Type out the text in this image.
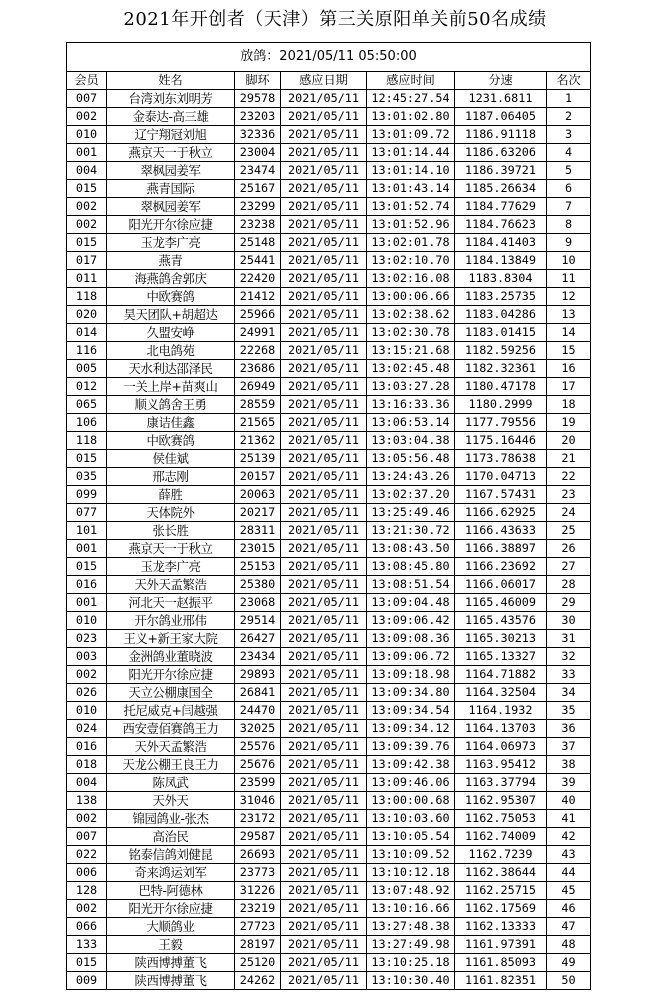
2021年开创者（天津）第三关原阳单关前50名成绩
放鸽：2021/05/11 05:50:00						
会员	姓名	脚环	感应日期	感应时间	分速	名次
007	台湾刘东刘明芳	29578	2021/05/11	12:45:27.54	1231.6811	1
002	金泰达-高三雄	23203	2021/05/11	13:01:02.80	1187.06405	2
010	辽宁翔冠刘旭	32336	2021/05/11	13:01:09.72	1186.91118	3
001	燕京天一于秋立	23004	2021/05/11	13:01:14.44	1186.63206	4
004	翠枫园姜军	23474	2021/05/11	13:01:14.10	1186.39721	5
015	燕青国际	25167	2021/05/11	13:01:43.14	1185.26634	6
002	翠枫园姜军	23299	2021/05/11	13:01:52.74	1184.77629	7
002	阳光开尔徐应捷	23238	2021/05/11	13:01:52.96	1184.76623	8
015	玉龙李广亮	25148	2021/05/11	13:02:01.78	1184.41403	9
017	燕青	25441	2021/05/11	13:02:10.70	1184.13849	10
011	海燕鸽舍郭庆	22420	2021/05/11	13:02:16.08	1183.8304	11
118	中欧赛鸽	21412	2021/05/11	13:00:06.66	1183.25735	12
020	昊天团队+胡超达	25966	2021/05/11	13:02:38.62	1183.04286	13
014	久盟安峥	24991	2021/05/11	13:02:30.78	1183.01415	14
116	北电鸽苑	22268	2021/05/11	13:15:21.68	1182.59256	15
005	天水利达邵泽民	23686	2021/05/11	13:02:45.48	1182.32361	16
012	一关上岸+苗爽山	26949	2021/05/11	13:03:27.28	1180.47178	17
065	顺义鸽舍王勇	28559	2021/05/11	13:16:33.36	1180.2999	18
106	康诘佳鑫	21565	2021/05/11	13:06:53.14	1177.79556	19
118	中欧赛鸽	21362	2021/05/11	13:03:04.38	1175.16446	20
015	侯佳斌	25139	2021/05/11	13:05:56.48	1173.78638	21
035	邢志刚	20157	2021/05/11	13:24:43.26	1170.04713	22
099	薛胜	20063	2021/05/11	13:02:37.20	1167.57431	23
077	天体院外	20217	2021/05/11	13:25:49.46	1166.62925	24
101	张长胜	28311	2021/05/11	13:21:30.72	1166.43633	25
001	燕京天一于秋立	23015	2021/05/11	13:08:43.50	1166.38897	26
015	玉龙李广亮	25153	2021/05/11	13:08:45.80	1166.23692	27
016	天外天孟繁浩	25380	2021/05/11	13:08:51.54	1166.06017	28
001	河北天一赵振平	23068	2021/05/11	13:09:04.48	1165.46009	29
010	开尔鸽业邢伟	29514	2021/05/11	13:09:06.42	1165.43576	30
023	王义+新王家大院	26427	2021/05/11	13:09:08.36	1165.30213	31
003	金洲鸽业董晓波	23434	2021/05/11	13:09:06.72	1165.13327	32
002	阳光开尔徐应捷	29893	2021/05/11	13:09:18.98	1164.71882	33
026	天立公棚康国全	26841	2021/05/11	13:09:34.80	1164.32504	34
010	托尼威克+闫越强	24470	2021/05/11	13:09:34.54	1164.1932	35
024	西安壹佰赛鸽王力	32025	2021/05/11	13:09:34.12	1164.13703	36
016	天外天孟繁浩	25576	2021/05/11	13:09:39.76	1164.06973	37
018	天龙公棚王良王力	25676	2021/05/11	13:09:42.38	1163.95412	38
004	陈凤武	23599	2021/05/11	13:09:46.06	1163.37794	39
138	天外天	31046	2021/05/11	13:00:00.68	1162.95307	40
002	锦园鸽业-张杰	23172	2021/05/11	13:10:03.60	1162.75053	41
007	高治民	29587	2021/05/11	13:10:05.54	1162.74009	42
022	铭泰信鸽刘健昆	26693	2021/05/11	13:10:09.52	1162.7239	43
006	奇来鸿运刘军	23773	2021/05/11	13:10:12.18	1162.38644	44
128	巴特-阿德林	31226	2021/05/11	13:07:48.92	1162.25715	45
002	阳光开尔徐应捷	23219	2021/05/11	13:10:16.66	1162.17569	46
066	大顺鸽业	27723	2021/05/11	13:27:48.38	1162.13333	47
133	王毅	28197	2021/05/11	13:27:49.98	1161.97391	48
015	陕西博搏董飞	25120	2021/05/11	13:10:25.18	1161.85093	49
009	陕西博搏董飞	24262	2021/05/11	13:10:30.40	1161.82351	50
